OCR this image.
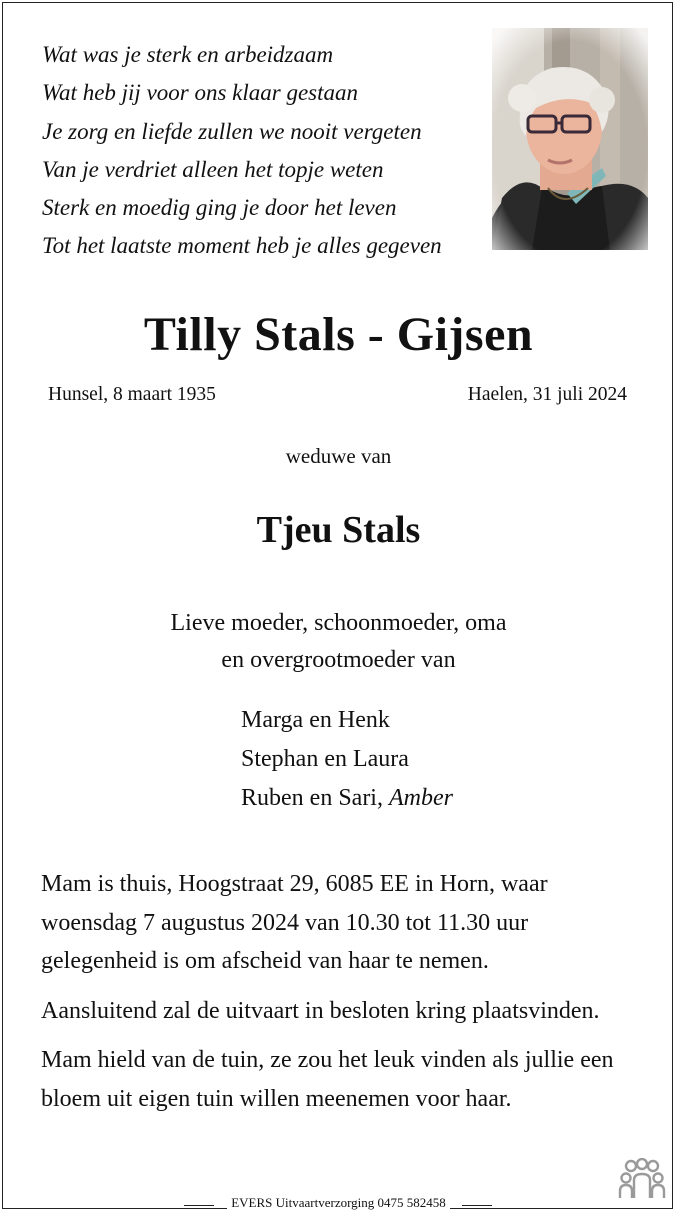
Wat was je sterk en arbeidzaam
Wat heb jij voor ons klaar gestaan
Je zorg en liefde zullen we nooit vergeten
Van je verdriet alleen het topje weten
Sterk en moedig ging je door het leven
Tot het laatste moment heb je alles gegeven
Tilly Stals - Gijsen
Hunsel, 8 maart 1935	Haelen, 31 juli 2024
weduwe van
Tjeu Stals
Lieve moeder, schoonmoeder, oma
en overgrootmoeder van
Marga en Henk
Stephan en Laura
Ruben en Sari, Amber

Mam is thuis, Hoogstraat 29, 6085 EE in Horn, waar woensdag 7 augustus 2024 van 10.30 tot 11.30 uur gelegenheid is om afscheid van haar te nemen.

Aansluitend zal de uitvaart in besloten kring plaatsvinden.

Mam hield van de tuin, ze zou het leuk vinden als jullie een bloem uit eigen tuin willen meenemen voor haar.

EVERS Uitvaartverzorging 0475 582458
